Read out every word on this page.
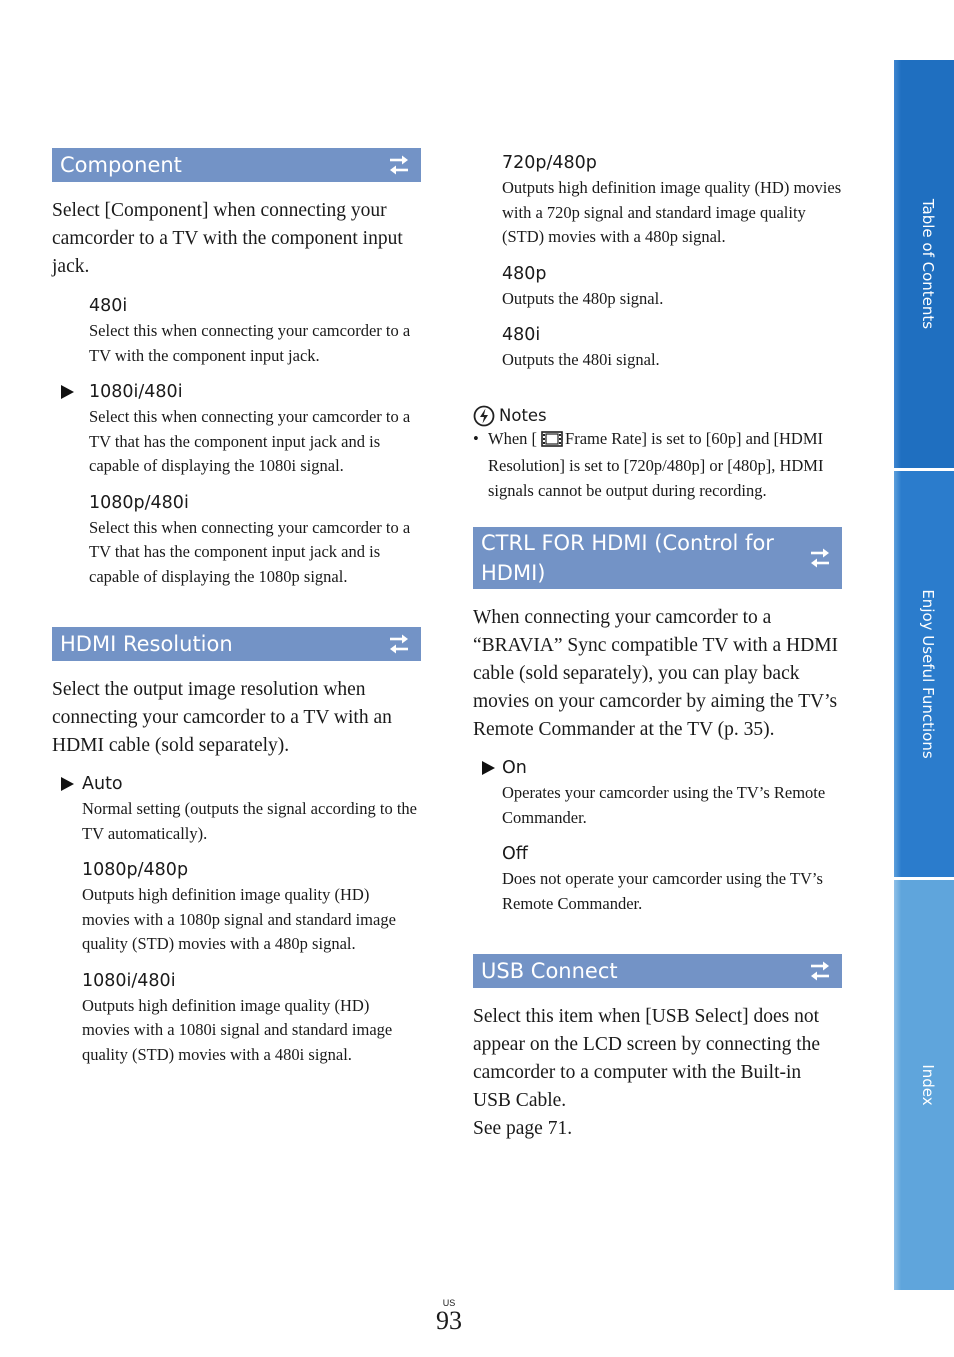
Component

Select [Component] when connecting your camcorder to a TV with the component input jack.

480i
Select this when connecting your camcorder to a TV with the component input jack.
1080i/480i
Select this when connecting your camcorder to a TV that has the component input jack and is capable of displaying the 1080i signal.
1080p/480i
Select this when connecting your camcorder to a TV that has the component input jack and is capable of displaying the 1080p signal.
HDMI Resolution

Select the output image resolution when connecting your camcorder to a TV with an HDMI cable (sold separately).

Auto
Normal setting (outputs the signal according to the TV automatically).
1080p/480p
Outputs high definition image quality (HD) movies with a 1080p signal and standard image quality (STD) movies with a 480p signal.
1080i/480i
Outputs high definition image quality (HD) movies with a 1080i signal and standard image quality (STD) movies with a 480i signal.
720p/480p
Outputs high definition image quality (HD) movies with a 720p signal and standard image quality (STD) movies with a 480p signal.
480p
Outputs the 480p signal.
480i
Outputs the 480i signal.
Notes
• When [ Frame Rate] is set to [60p] and [HDMI Resolution] is set to [720p/480p] or [480p], HDMI signals cannot be output during recording.
CTRL FOR HDMI (Control for HDMI)

When connecting your camcorder to a “BRAVIA” Sync compatible TV with a HDMI cable (sold separately), you can play back movies on your camcorder by aiming the TV’s Remote Commander at the TV (p. 35).

On
Operates your camcorder using the TV’s Remote Commander.
Off
Does not operate your camcorder using the TV’s Remote Commander.
USB Connect

Select this item when [USB Select] does not appear on the LCD screen by connecting the camcorder to a computer with the Built-in USB Cable.

See page 71.

Table of Contents
Enjoy Useful Functions
Index
US
93
